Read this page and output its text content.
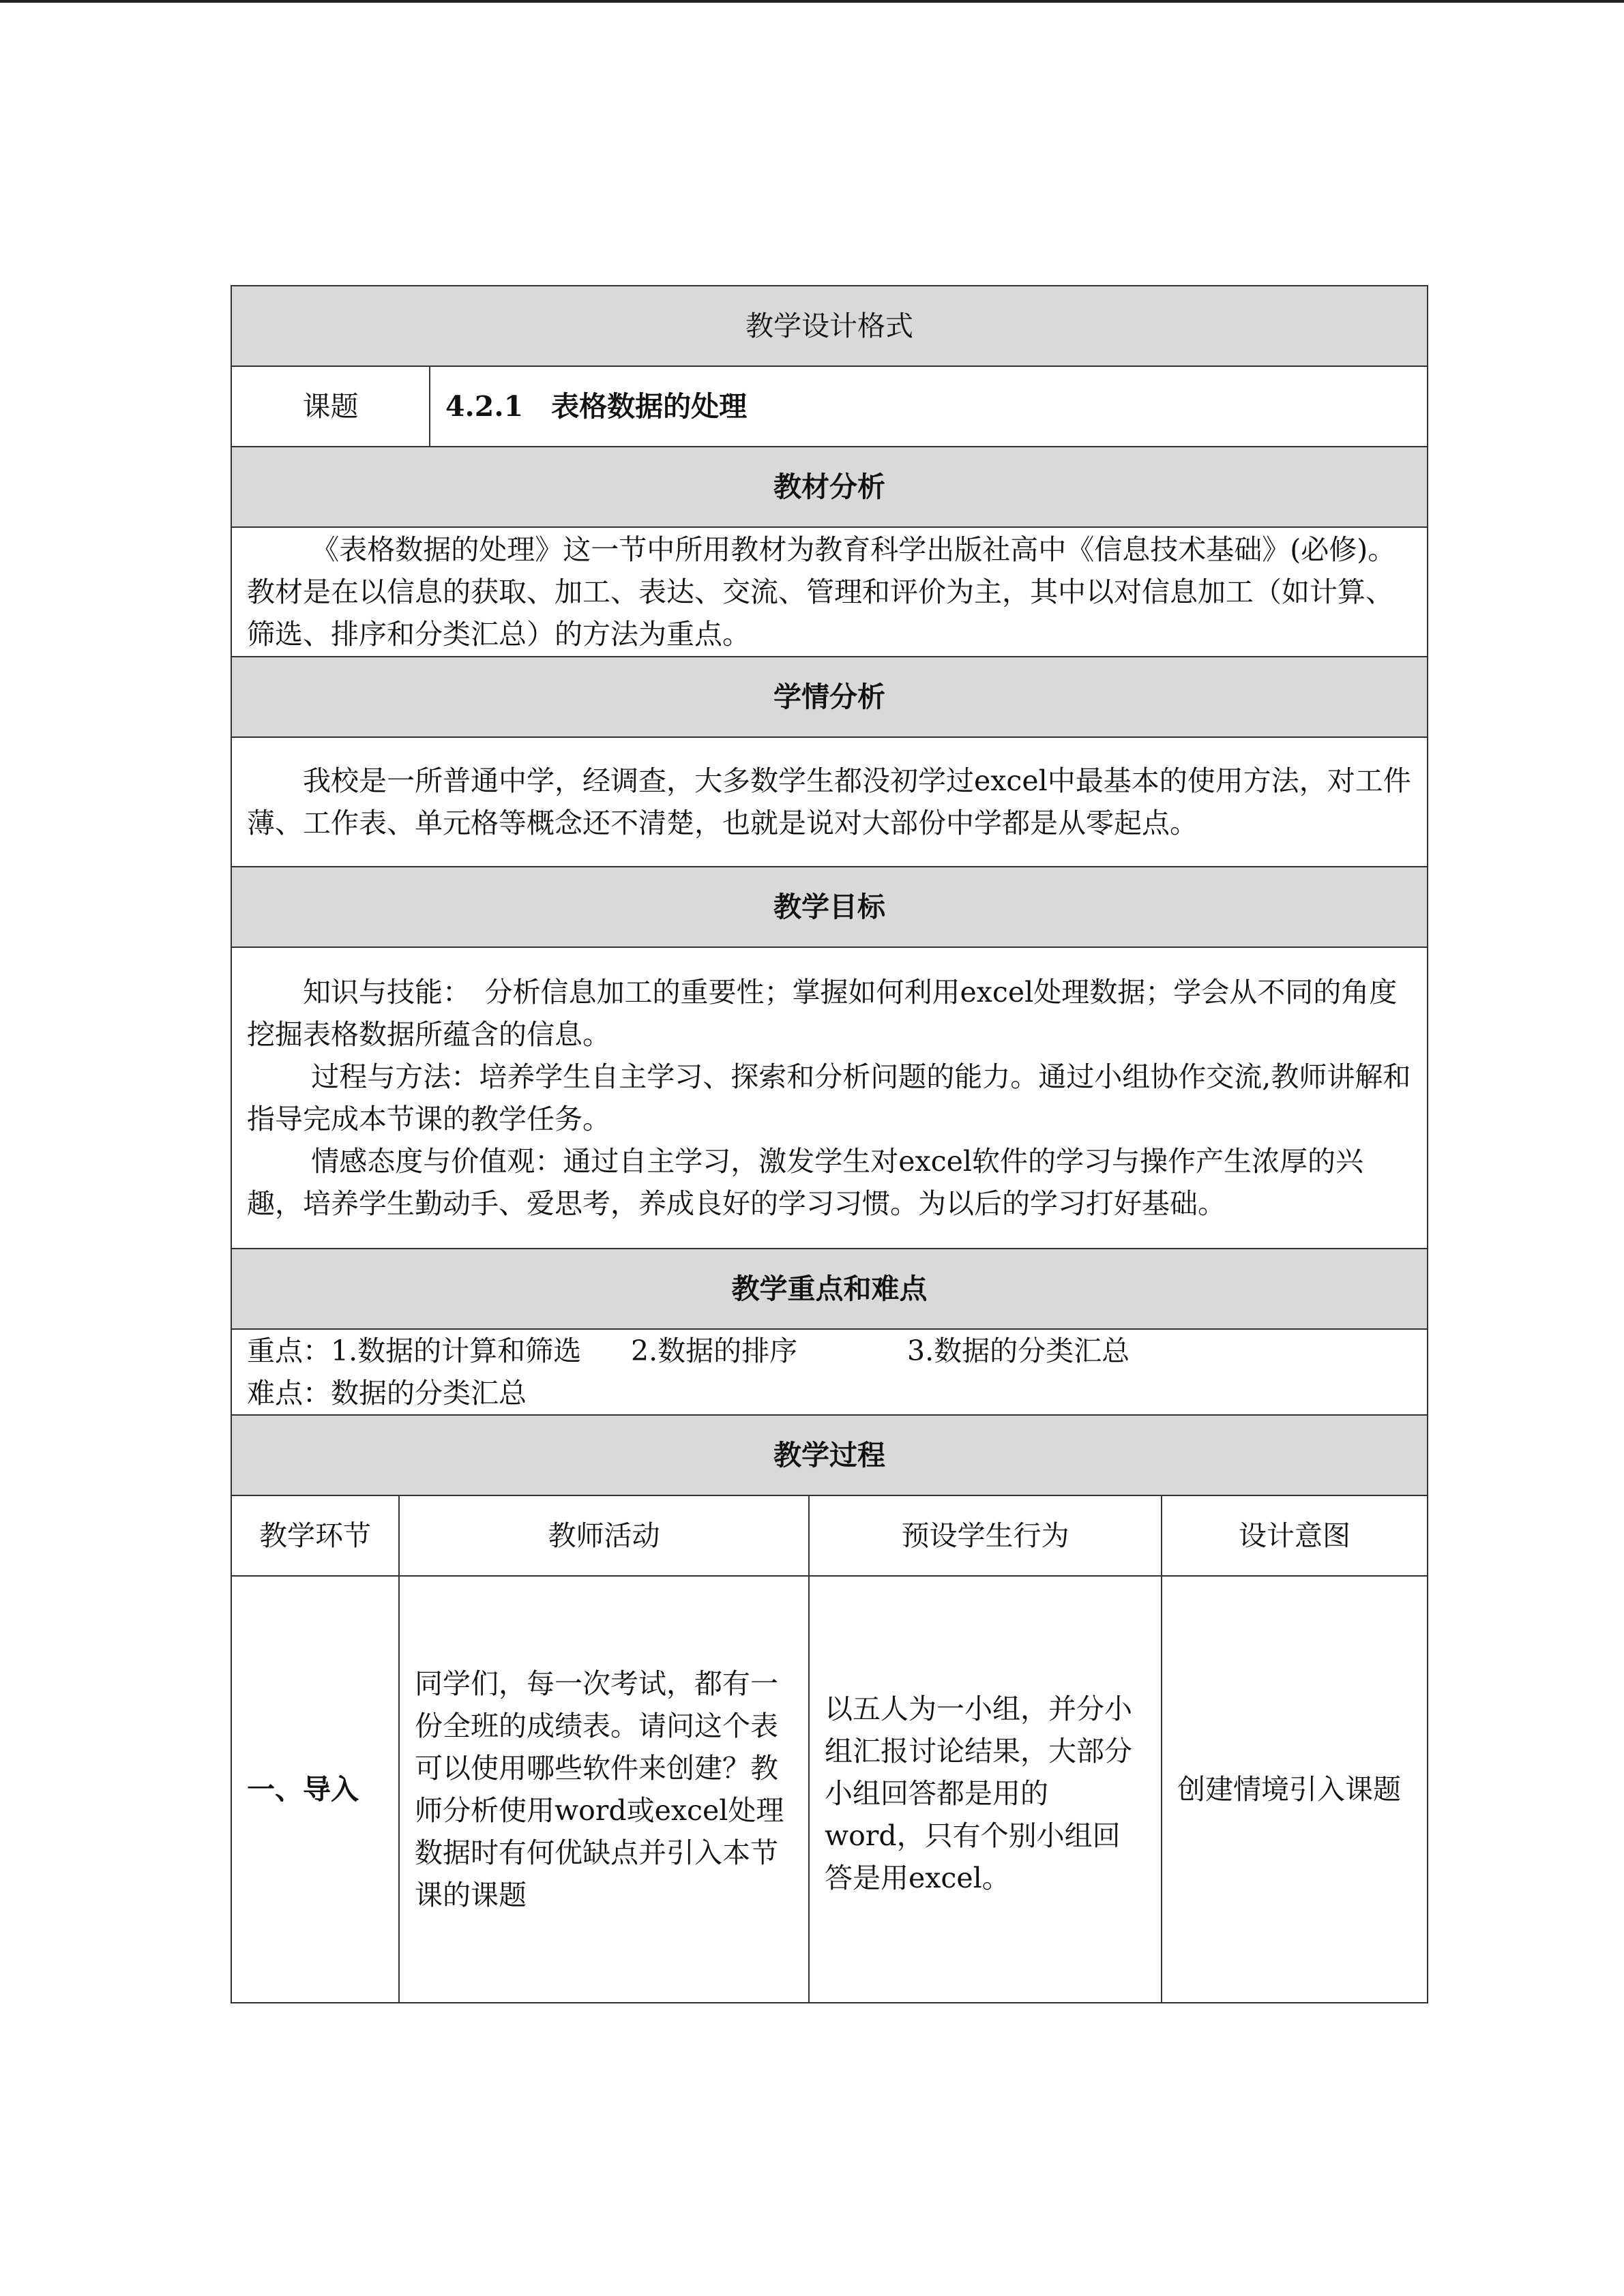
教学设计格式				
课题		4.2.1　表格数据的处理		
教材分析				

《表格数据的处理》这一节中所用教材为教育科学出版社高中《信息技术基础》(必修)。教材是在以信息的获取、加工、表达、交流、管理和评价为主，其中以对信息加工（如计算、筛选、排序和分类汇总）的方法为重点。				

学情分析				

我校是一所普通中学，经调查，大多数学生都没初学过excel中最基本的使用方法，对工件薄、工作表、单元格等概念还不清楚，也就是说对大部份中学都是从零起点。				

教学目标				

知识与技能：　分析信息加工的重要性；掌握如何利用excel处理数据；学会从不同的角度挖掘表格数据所蕴含的信息。

过程与方法：培养学生自主学习、探索和分析问题的能力。通过小组协作交流,教师讲解和指导完成本节课的教学任务。

情感态度与价值观：通过自主学习，激发学生对excel软件的学习与操作产生浓厚的兴趣，培养学生勤动手、爱思考，养成良好的学习习惯。为以后的学习打好基础。				

教学重点和难点				

重点：1.数据的计算和筛选 2.数据的排序 3.数据的分类汇总
难点：数据的分类汇总				

教学过程				
教学环节	教师活动		预设学生行为	设计意图
一、导入	同学们，每一次考试，都有一份全班的成绩表。请问这个表可以使用哪些软件来创建？教师分析使用word或excel处理数据时有何优缺点并引入本节课的课题		以五人为一小组，并分小组汇报讨论结果，大部分小组回答都是用的word，只有个别小组回答是用excel。	创建情境引入课题
